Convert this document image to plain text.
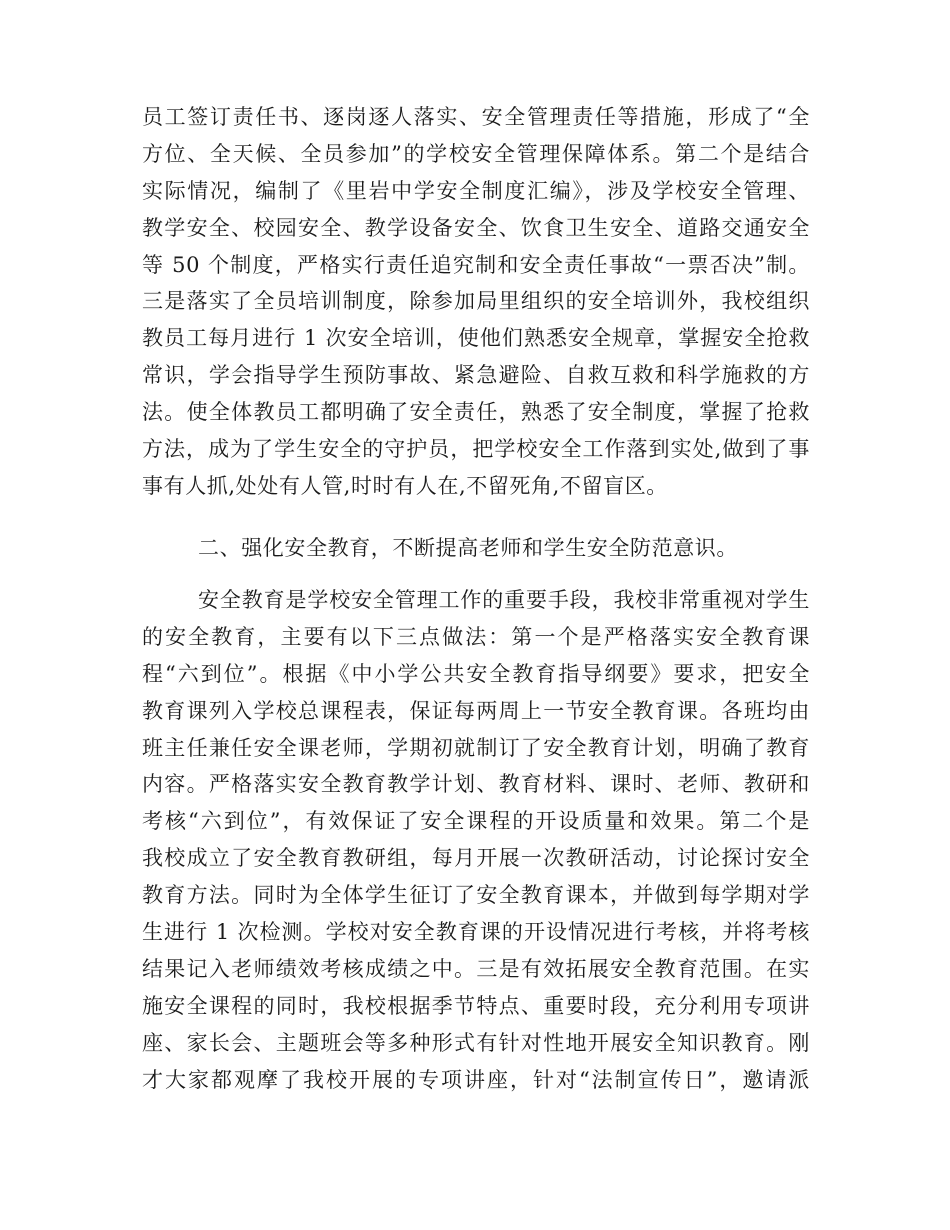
员工签订责任书、逐岗逐人落实、安全管理责任等措施，形成了“全
方位、全天候、全员参加”的学校安全管理保障体系。第二个是结合
实际情况，编制了《里岩中学安全制度汇编》，涉及学校安全管理、
教学安全、校园安全、教学设备安全、饮食卫生安全、道路交通安全
等 50 个制度，严格实行责任追究制和安全责任事故“一票否决”制。
三是落实了全员培训制度，除参加局里组织的安全培训外，我校组织
教员工每月进行 1 次安全培训，使他们熟悉安全规章，掌握安全抢救
常识，学会指导学生预防事故、紧急避险、自救互救和科学施救的方
法。使全体教员工都明确了安全责任，熟悉了安全制度，掌握了抢救
方法，成为了学生安全的守护员，把学校安全工作落到实处,做到了事
事有人抓,处处有人管,时时有人在,不留死角,不留盲区。
二、强化安全教育，不断提高老师和学生安全防范意识。
安全教育是学校安全管理工作的重要手段，我校非常重视对学生
的安全教育，主要有以下三点做法：第一个是严格落实安全教育课
程“六到位”。根据《中小学公共安全教育指导纲要》要求，把安全
教育课列入学校总课程表，保证每两周上一节安全教育课。各班均由
班主任兼任安全课老师，学期初就制订了安全教育计划，明确了教育
内容。严格落实安全教育教学计划、教育材料、课时、老师、教研和
考核“六到位”，有效保证了安全课程的开设质量和效果。第二个是
我校成立了安全教育教研组，每月开展一次教研活动，讨论探讨安全
教育方法。同时为全体学生征订了安全教育课本，并做到每学期对学
生进行 1 次检测。学校对安全教育课的开设情况进行考核，并将考核
结果记入老师绩效考核成绩之中。三是有效拓展安全教育范围。在实
施安全课程的同时，我校根据季节特点、重要时段，充分利用专项讲
座、家长会、主题班会等多种形式有针对性地开展安全知识教育。刚
才大家都观摩了我校开展的专项讲座，针对“法制宣传日”，邀请派
